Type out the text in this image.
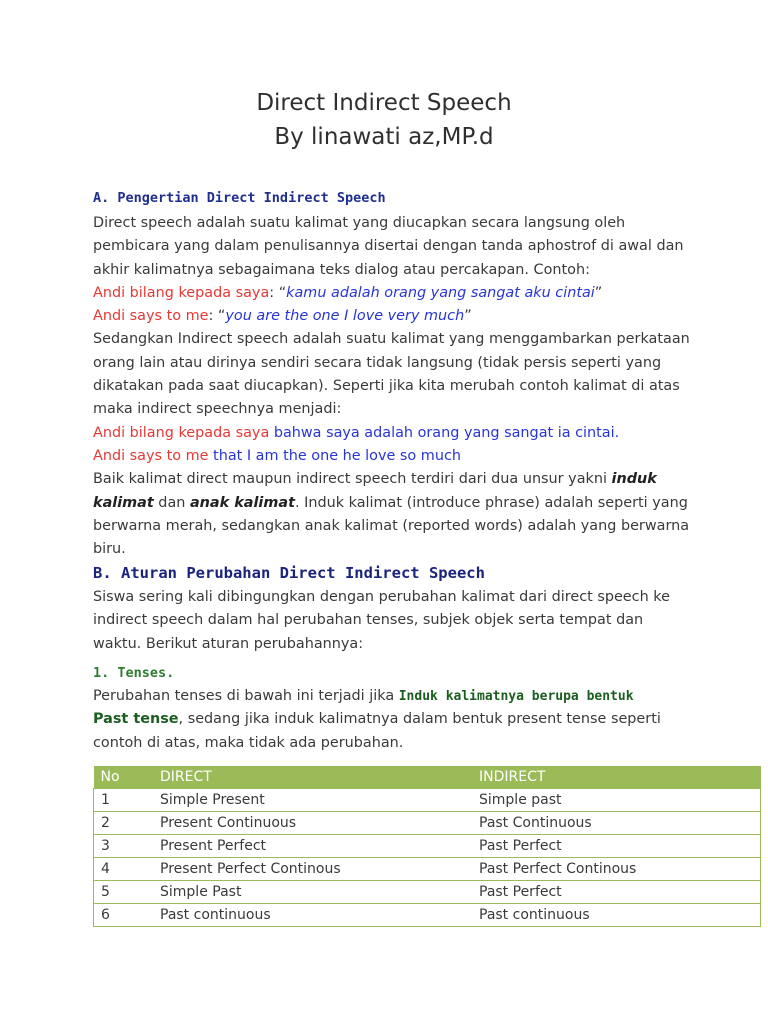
Direct Indirect Speech
By linawati az,MP.d
A. Pengertian Direct Indirect Speech
Direct speech adalah suatu kalimat yang diucapkan secara langsung oleh
pembicara yang dalam penulisannya disertai dengan tanda aphostrof di awal dan
akhir kalimatnya sebagaimana teks dialog atau percakapan. Contoh:
Andi bilang kepada saya: “kamu adalah orang yang sangat aku cintai”
Andi says to me: “you are the one I love very much”
Sedangkan Indirect speech adalah suatu kalimat yang menggambarkan perkataan
orang lain atau dirinya sendiri secara tidak langsung (tidak persis seperti yang
dikatakan pada saat diucapkan). Seperti jika kita merubah contoh kalimat di atas
maka indirect speechnya menjadi:
Andi bilang kepada saya bahwa saya adalah orang yang sangat ia cintai.
Andi says to me that I am the one he love so much
Baik kalimat direct maupun indirect speech terdiri dari dua unsur yakni induk
kalimat dan anak kalimat. Induk kalimat (introduce phrase) adalah seperti yang
berwarna merah, sedangkan anak kalimat (reported words) adalah yang berwarna
biru.
B. Aturan Perubahan Direct Indirect Speech
Siswa sering kali dibingungkan dengan perubahan kalimat dari direct speech ke
indirect speech dalam hal perubahan tenses, subjek objek serta tempat dan
waktu. Berikut aturan perubahannya:
1. Tenses.
Perubahan tenses di bawah ini terjadi jika Induk kalimatnya berupa bentuk
Past tense, sedang jika induk kalimatnya dalam bentuk present tense seperti
contoh di atas, maka tidak ada perubahan.
No	DIRECT	INDIRECT
1	Simple Present	Simple past
2	Present Continuous	Past Continuous
3	Present Perfect	Past Perfect
4	Present Perfect Continous	Past Perfect Continous
5	Simple Past	Past Perfect
6	Past continuous	Past continuous
